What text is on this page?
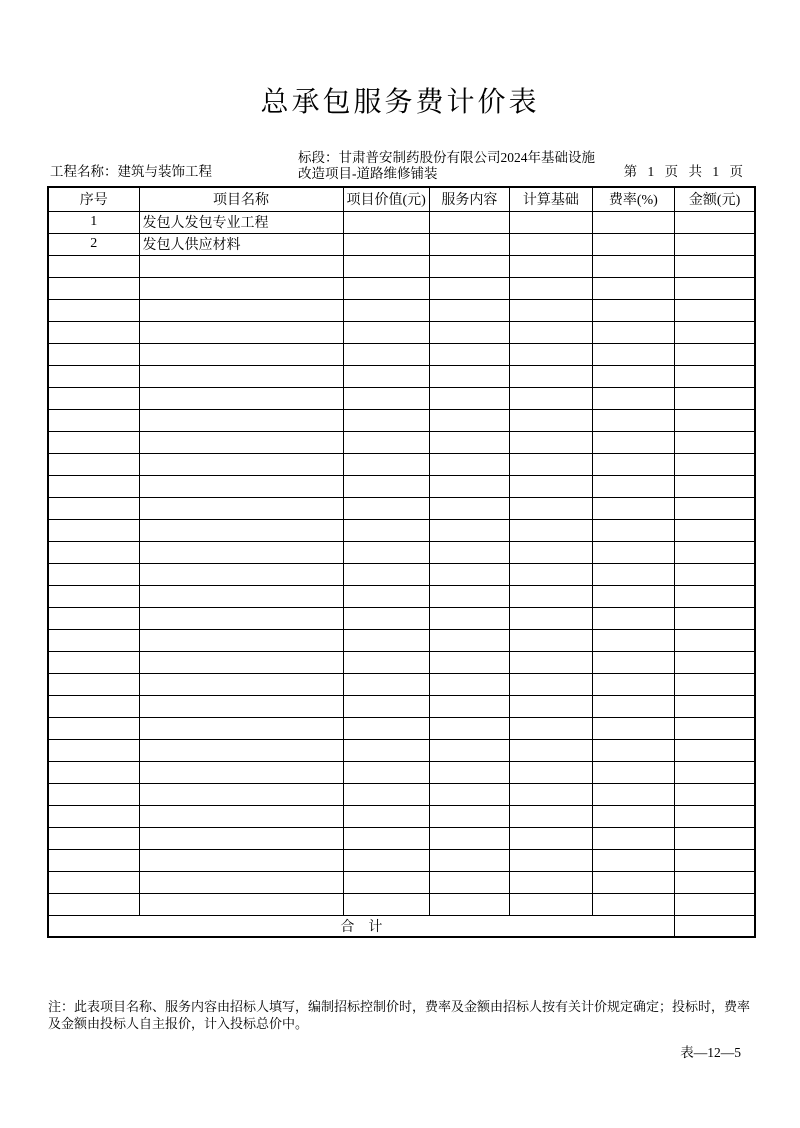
总承包服务费计价表
工程名称：建筑与装饰工程
标段：甘肃普安制药股份有限公司2024年基础设施
改造项目-道路维修铺装	第 1 页 共 1 页
序号	项目名称	项目价值(元)	服务内容	计算基础	费率(%)	金额(元)
1	发包人发包专业工程					
2	发包人供应材料					

合　计						
注：此表项目名称、服务内容由招标人填写，编制招标控制价时，费率及金额由招标人按有关计价规定确定；投标时，费率及金额由投标人自主报价，计入投标总价中。
表—12—5
